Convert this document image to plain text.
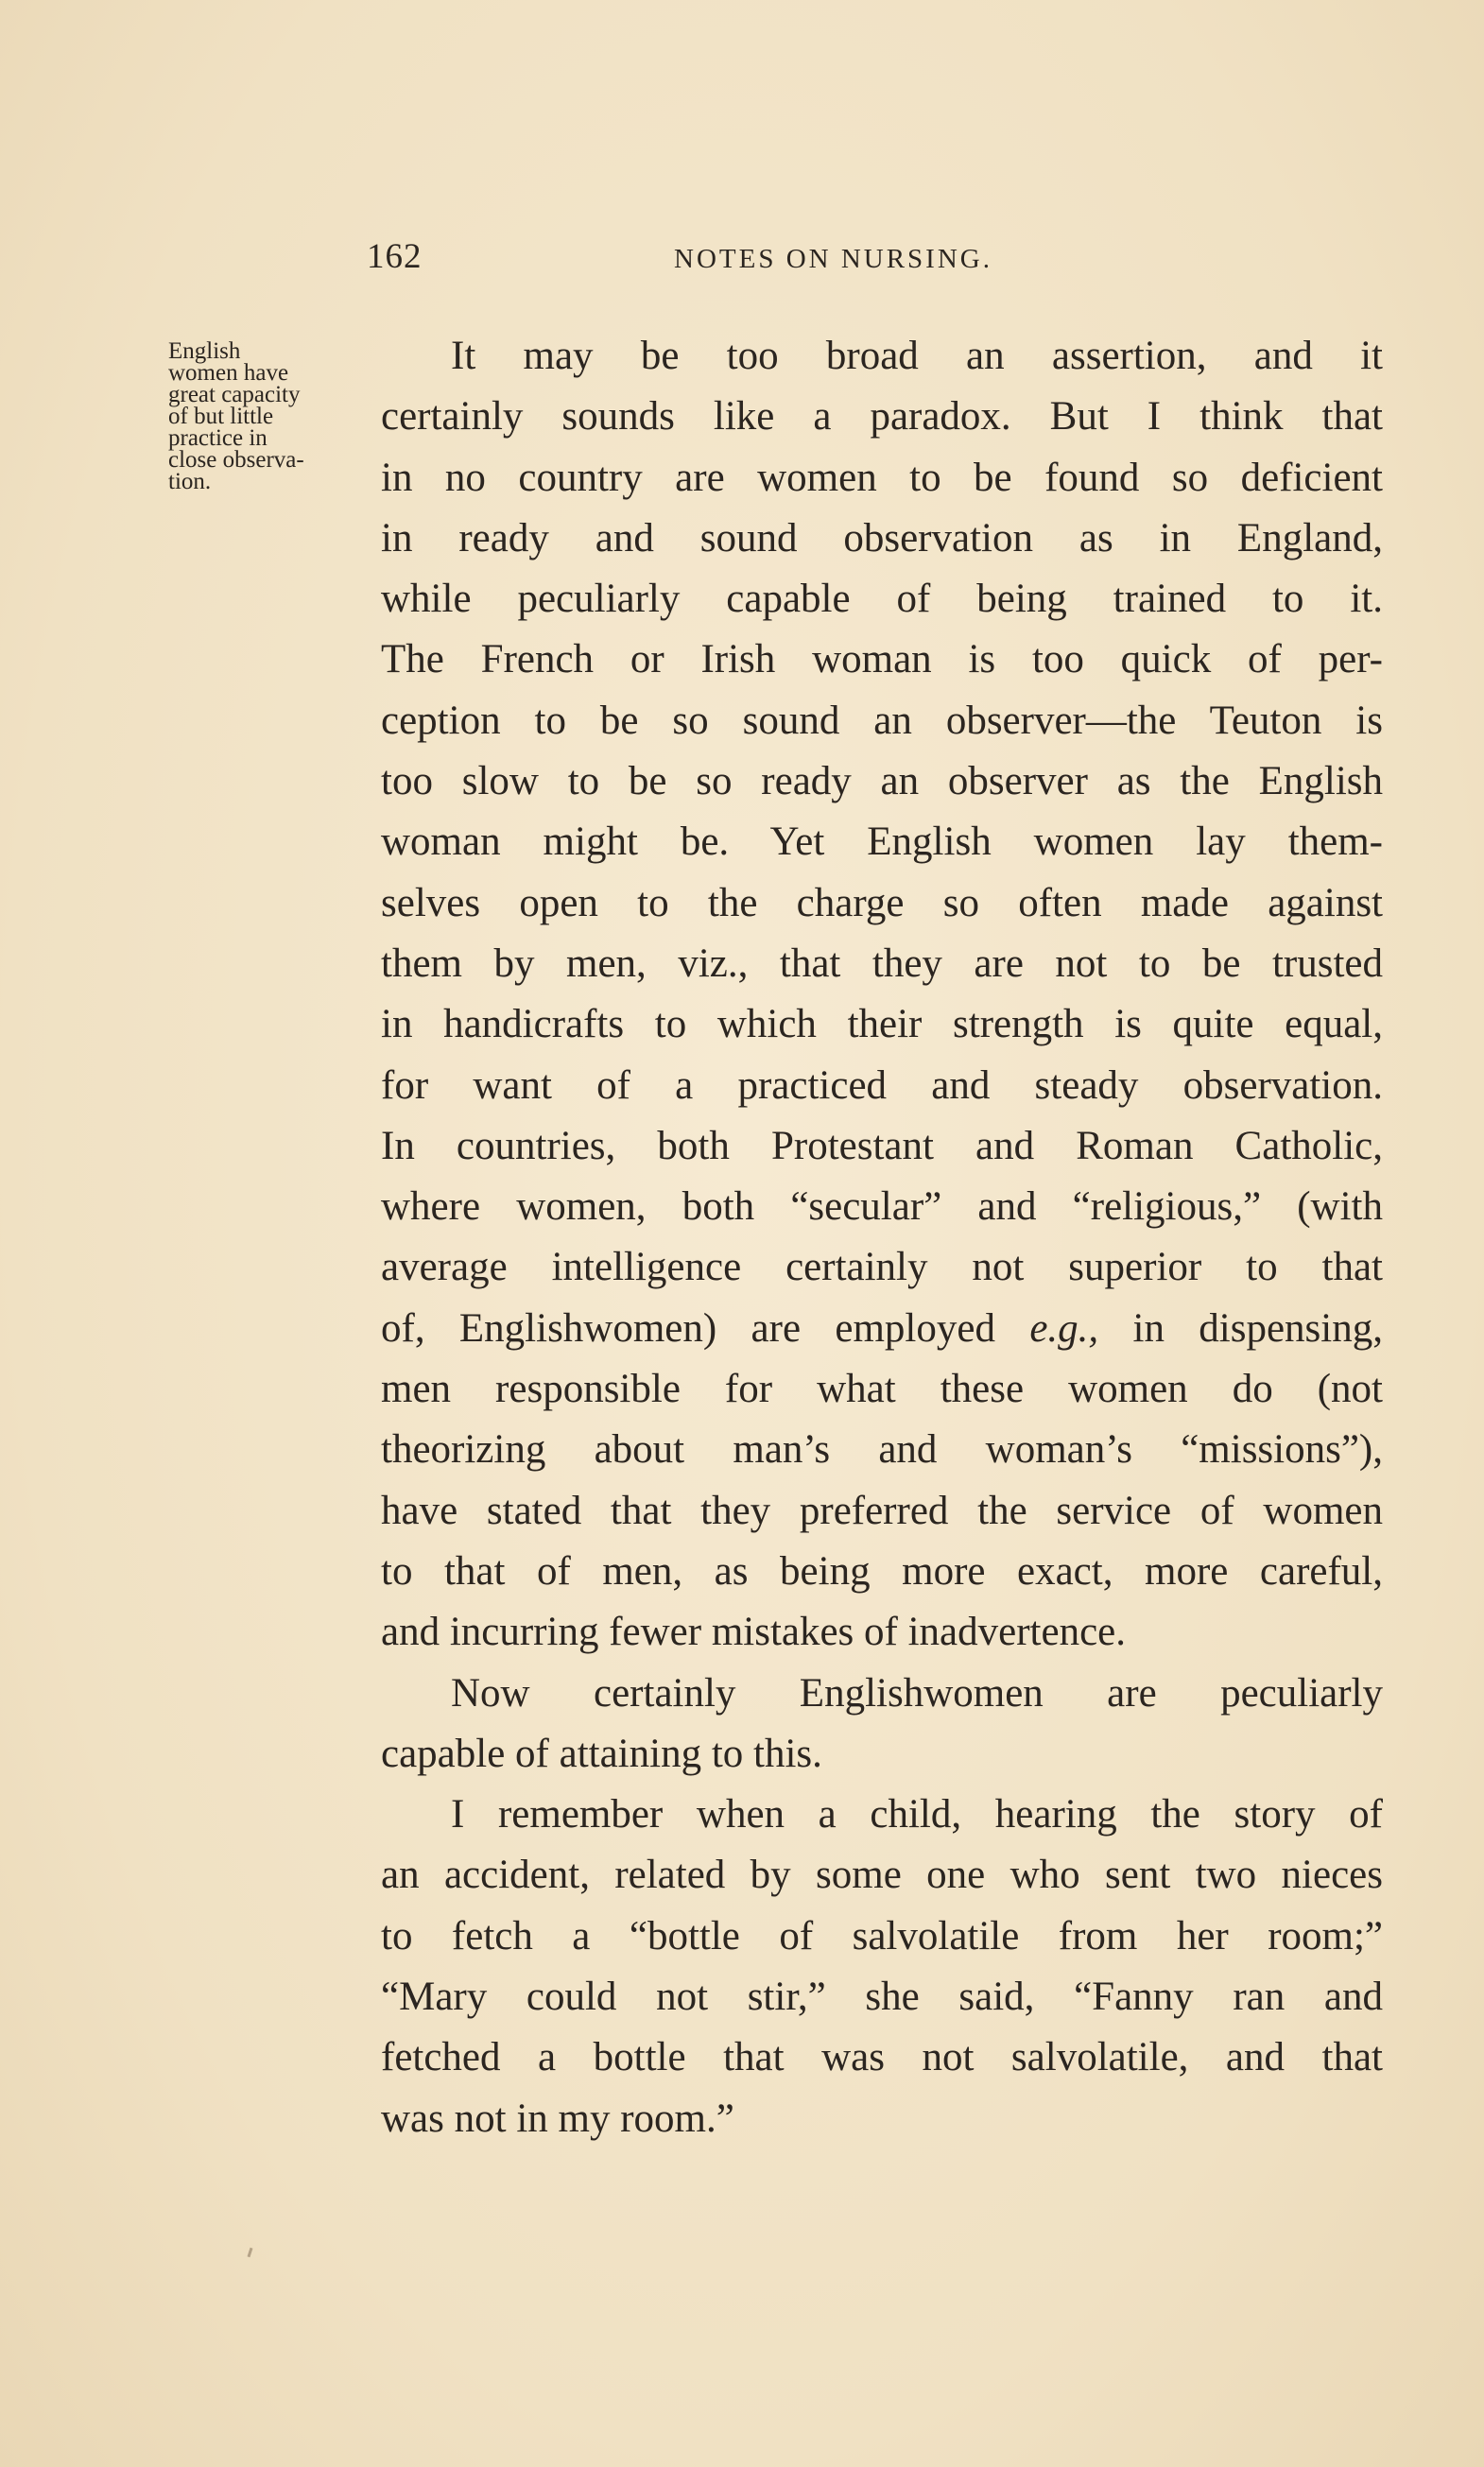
162	NOTES ON NURSING.
English
women have
great capacity
of but little
practice in
close observa-
tion.
It may be too broad an assertion, and it
certainly sounds like a paradox. But I think that
in no country are women to be found so deficient
in ready and sound observation as in England,
while peculiarly capable of being trained to it.
The French or Irish woman is too quick of per-
ception to be so sound an observer—the Teuton is
too slow to be so ready an observer as the English
woman might be. Yet English women lay them-
selves open to the charge so often made against
them by men, viz., that they are not to be trusted
in handicrafts to which their strength is quite equal,
for want of a practiced and steady observation.
In countries, both Protestant and Roman Catholic,
where women, both “secular” and “religious,” (with
average intelligence certainly not superior to that
of, Englishwomen) are employed e.g., in dispensing,
men responsible for what these women do (not
theorizing about man’s and woman’s “missions”),
have stated that they preferred the service of women
to that of men, as being more exact, more careful,
and incurring fewer mistakes of inadvertence.
Now certainly Englishwomen are peculiarly
capable of attaining to this.
I remember when a child, hearing the story of
an accident, related by some one who sent two nieces
to fetch a “bottle of salvolatile from her room;”
“Mary could not stir,” she said, “Fanny ran and
fetched a bottle that was not salvolatile, and that
was not in my room.”
